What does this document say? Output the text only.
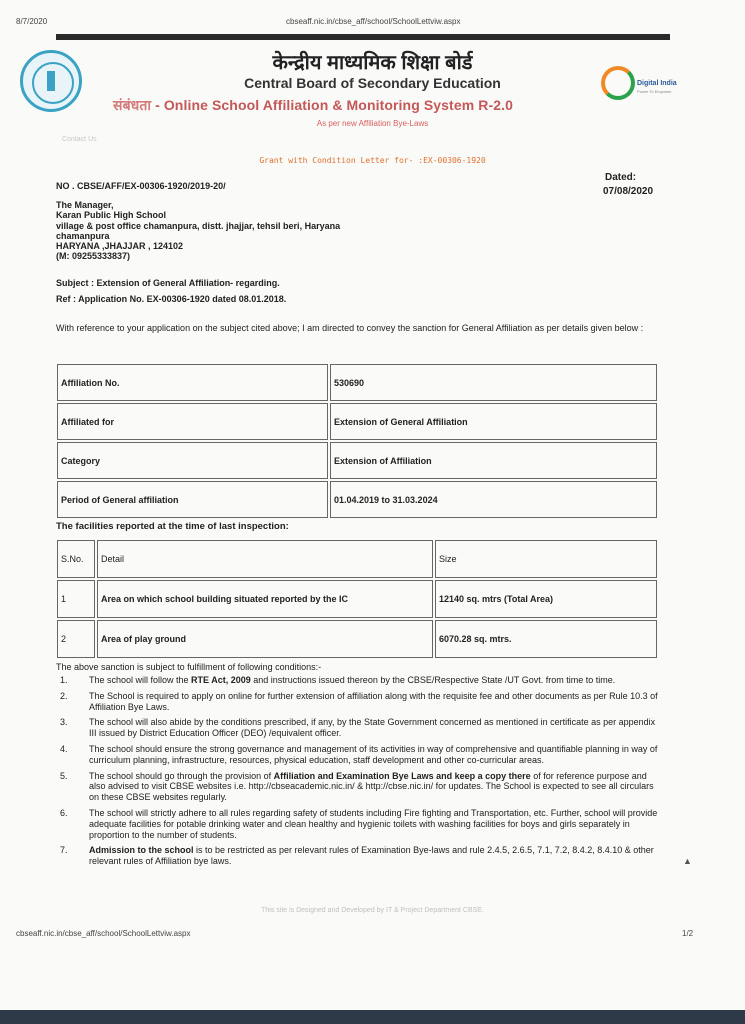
8/7/2020	cbseaff.nic.in/cbse_aff/school/SchoolLettviw.aspx
केन्द्रीय माध्यमिक शिक्षा बोर्ड
Central Board of Secondary Education
संबंधता - Online School Affiliation & Monitoring System R-2.0
As per new Affiliation Bye-Laws
Contact Us
Digital India
Power To Empower
Grant with Condition Letter for- :EX-00306-1920
NO . CBSE/AFF/EX-00306-1920/2019-20/
Dated:
07/08/2020
The Manager,
Karan Public High School
village & post office chamanpura, distt. jhajjar, tehsil beri, Haryana
chamanpura
HARYANA ,JHAJJAR , 124102
(M: 09255333837)
Subject : Extension of General Affiliation- regarding.
Ref : Application No. EX-00306-1920 dated 08.01.2018.
With reference to your application on the subject cited above; I am directed to convey the sanction for General Affiliation as per details given below :
Affiliation No.	530690
Affiliated for	Extension of General Affiliation
Category	Extension of Affiliation
Period of General affiliation	01.04.2019 to 31.03.2024
The facilities reported at the time of last inspection:
S.No.	Detail	Size
1	Area on which school building situated reported by the IC	12140 sq. mtrs (Total Area)
2	Area of play ground	6070.28 sq. mtrs.
The above sanction is subject to fulfillment of following conditions:-
1. The school will follow the RTE Act, 2009 and instructions issued thereon by the CBSE/Respective State /UT Govt. from time to time.
2. The School is required to apply on online for further extension of affiliation along with the requisite fee and other documents as per Rule 10.3 of Affiliation Bye Laws.
3. The school will also abide by the conditions prescribed, if any, by the State Government concerned as mentioned in certificate as per appendix III issued by District Education Officer (DEO) /equivalent officer.
4. The school should ensure the strong governance and management of its activities in way of comprehensive and quantifiable planning in way of curriculum planning, infrastructure, resources, physical education, staff development and other co-curricular areas.
5. The school should go through the provision of Affiliation and Examination Bye Laws and keep a copy there of for reference purpose and also advised to visit CBSE websites i.e. http://cbseacademic.nic.in/ & http://cbse.nic.in/ for updates. The School is expected to see all circulars on these CBSE websites regularly.
6. The school will strictly adhere to all rules regarding safety of students including Fire fighting and Transportation, etc. Further, school will provide adequate facilities for potable drinking water and clean healthy and hygienic toilets with washing facilities for boys and girls separately in proportion to the number of students.
7. Admission to the school is to be restricted as per relevant rules of Examination Bye-laws and rule 2.4.5, 2.6.5, 7.1, 7.2, 8.4.2, 8.4.10 & other relevant rules of Affiliation bye laws.	▲
This site is Designed and Developed by IT & Project Department CBSE.
cbseaff.nic.in/cbse_aff/school/SchoolLettviw.aspx	1/2
